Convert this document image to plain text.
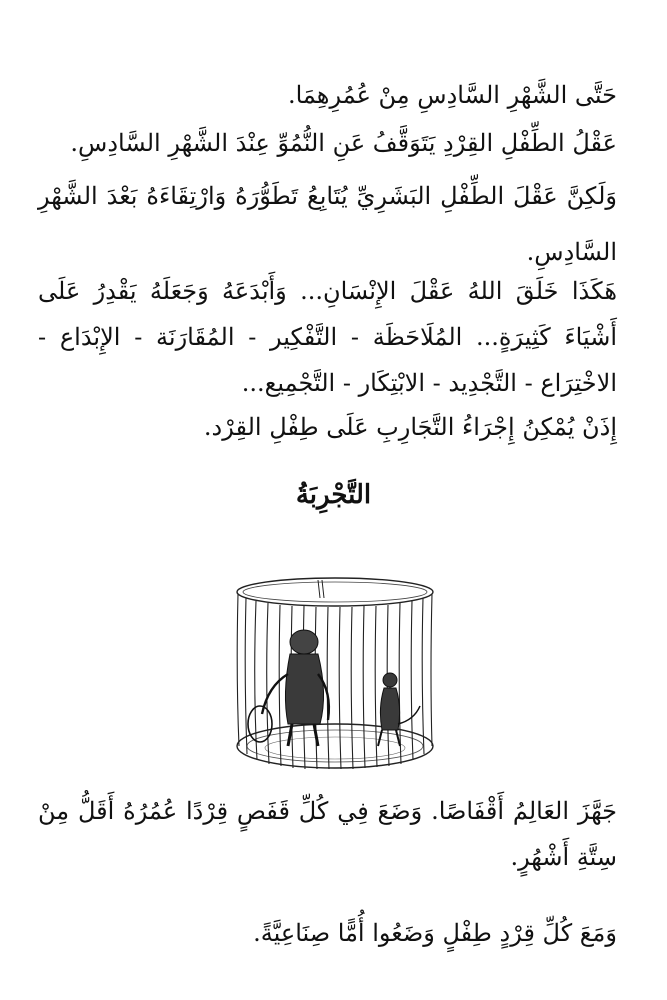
حَتَّى الشَّهْرِ السَّادِسِ مِنْ عُمُرِهِمَا.

عَقْلُ الطِّفْلِ القِرْدِ يَتَوَقَّفُ عَنِ النُّمُوِّ عِنْدَ الشَّهْرِ السَّادِسِ.

وَلَكِنَّ عَقْلَ الطِّفْلِ البَشَرِيِّ يُتَابِعُ تَطَوُّرَهُ وَارْتِقَاءَهُ بَعْدَ الشَّهْرِ السَّادِسِ.

هَكَذَا خَلَقَ اللهُ عَقْلَ الإِنْسَانِ... وَأَبْدَعَهُ وَجَعَلَهُ يَقْدِرُ عَلَى أَشْيَاءَ كَثِيرَةٍ... المُلَاحَظَة - التَّفْكِير - المُقَارَنَة - الإِبْدَاع - الاخْتِرَاع - التَّجْدِيد - الابْتِكَار - التَّجْمِيع...

إِذَنْ يُمْكِنُ إِجْرَاءُ التَّجَارِبِ عَلَى طِفْلِ القِرْد.

التَّجْرِبَةُ

جَهَّزَ العَالِمُ أَقْفَاصًا. وَضَعَ فِي كُلِّ قَفَصٍ قِرْدًا عُمُرُهُ أَقَلُّ مِنْ سِتَّةِ أَشْهُرٍ.

وَمَعَ كُلِّ قِرْدٍ طِفْلٍ وَضَعُوا أُمًّا صِنَاعِيَّةً.
